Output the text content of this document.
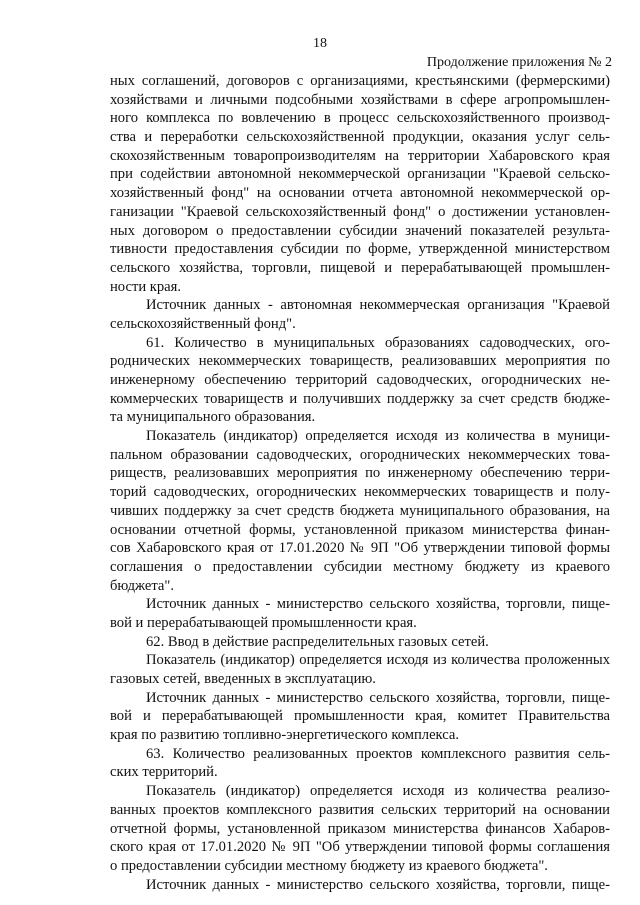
18
Продолжение приложения № 2
ных соглашений, договоров с организациями, крестьянскими (фермерскими)
хозяйствами и личными подсобными хозяйствами в сфере агропромышлен-
ного комплекса по вовлечению в процесс сельскохозяйственного производ-
ства и переработки сельскохозяйственной продукции, оказания услуг сель-
скохозяйственным товаропроизводителям на территории Хабаровского края
при содействии автономной некоммерческой организации "Краевой сельско-
хозяйственный фонд" на основании отчета автономной некоммерческой ор-
ганизации "Краевой сельскохозяйственный фонд" о достижении установлен-
ных договором о предоставлении субсидии значений показателей результа-
тивности предоставления субсидии по форме, утвержденной министерством
сельского хозяйства, торговли, пищевой и перерабатывающей промышлен-
ности края.
Источник данных - автономная некоммерческая организация "Краевой
сельскохозяйственный фонд".
61. Количество в муниципальных образованиях садоводческих, ого-
роднических некоммерческих товариществ, реализовавших мероприятия по
инженерному обеспечению территорий садоводческих, огороднических не-
коммерческих товариществ и получивших поддержку за счет средств бюдже-
та муниципального образования.
Показатель (индикатор) определяется исходя из количества в муници-
пальном образовании садоводческих, огороднических некоммерческих това-
риществ, реализовавших мероприятия по инженерному обеспечению терри-
торий садоводческих, огороднических некоммерческих товариществ и полу-
чивших поддержку за счет средств бюджета муниципального образования, на
основании отчетной формы, установленной приказом министерства финан-
сов Хабаровского края от 17.01.2020 № 9П "Об утверждении типовой формы
соглашения о предоставлении субсидии местному бюджету из краевого
бюджета".
Источник данных - министерство сельского хозяйства, торговли, пище-
вой и перерабатывающей промышленности края.
62. Ввод в действие распределительных газовых сетей.
Показатель (индикатор) определяется исходя из количества проложенных
газовых сетей, введенных в эксплуатацию.
Источник данных - министерство сельского хозяйства, торговли, пище-
вой и перерабатывающей промышленности края, комитет Правительства
края по развитию топливно-энергетического комплекса.
63. Количество реализованных проектов комплексного развития сель-
ских территорий.
Показатель (индикатор) определяется исходя из количества реализо-
ванных проектов комплексного развития сельских территорий на основании
отчетной формы, установленной приказом министерства финансов Хабаров-
ского края от 17.01.2020 № 9П "Об утверждении типовой формы соглашения
о предоставлении субсидии местному бюджету из краевого бюджета".
Источник данных - министерство сельского хозяйства, торговли, пище-
